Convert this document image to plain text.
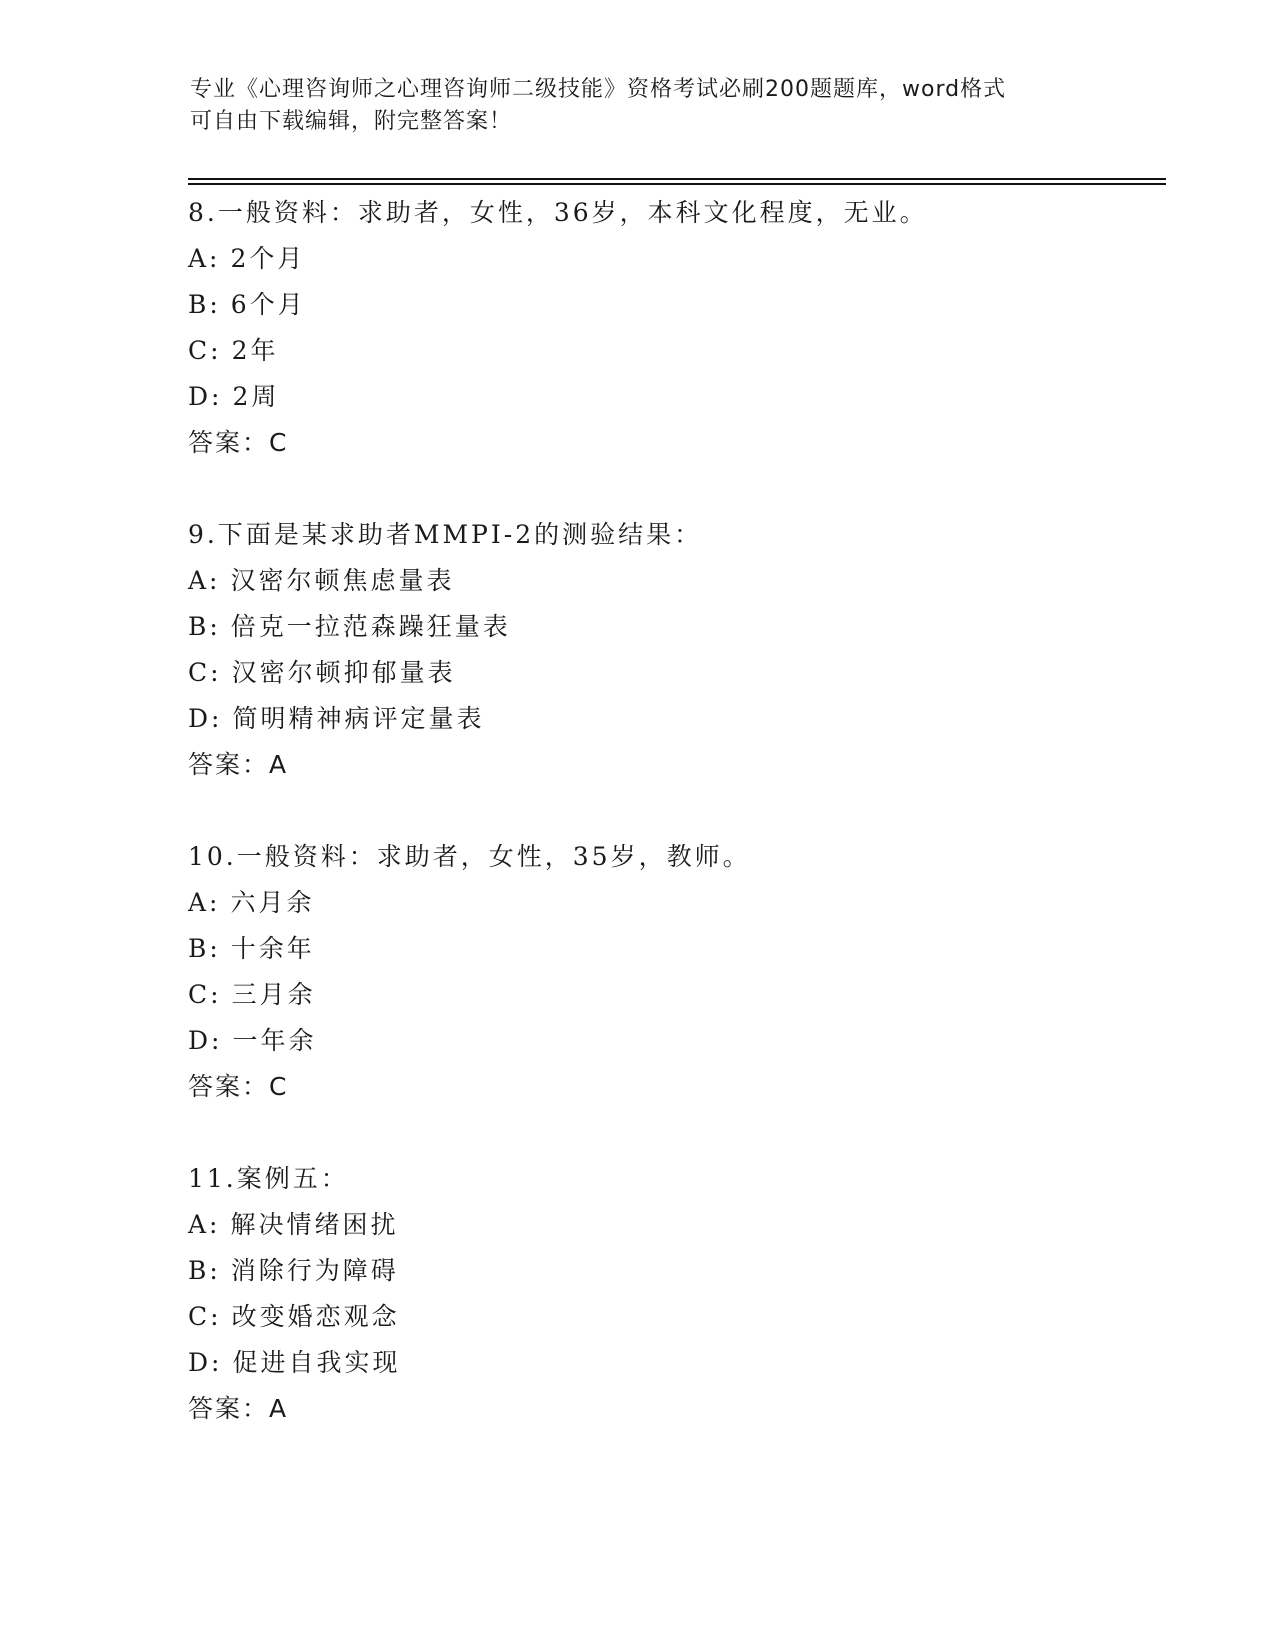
专业《心理咨询师之心理咨询师二级技能》资格考试必刷200题题库，word格式
可自由下载编辑，附完整答案！
8.一般资料：求助者，女性，36岁，本科文化程度，无业。
A: 2个月
B: 6个月
C: 2年
D: 2周
答案：C
9.下面是某求助者MMPI-2的测验结果：
A: 汉密尔顿焦虑量表
B: 倍克一拉范森躁狂量表
C: 汉密尔顿抑郁量表
D: 简明精神病评定量表
答案：A
10.一般资料：求助者，女性，35岁，教师。
A: 六月余
B: 十余年
C: 三月余
D: 一年余
答案：C
11.案例五：
A: 解决情绪困扰
B: 消除行为障碍
C: 改变婚恋观念
D: 促进自我实现
答案：A
